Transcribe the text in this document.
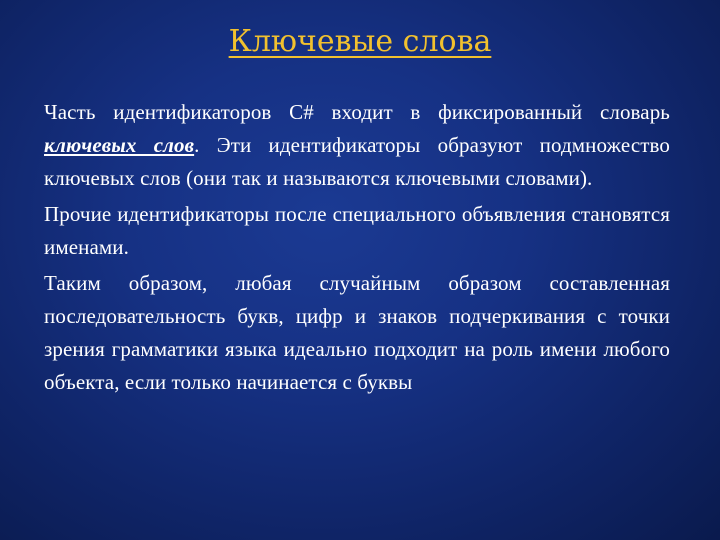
Ключевые слова

Часть идентификаторов C# входит в фиксированный словарь ключевых слов. Эти идентификаторы образуют подмножество ключевых слов (они так и называются ключевыми словами).

Прочие идентификаторы после специального объявления становятся именами.

Таким образом, любая случайным образом составленная последовательность букв, цифр и знаков подчеркивания с точки зрения грамматики языка идеально подходит на роль имени любого объекта, если только начинается с буквы
